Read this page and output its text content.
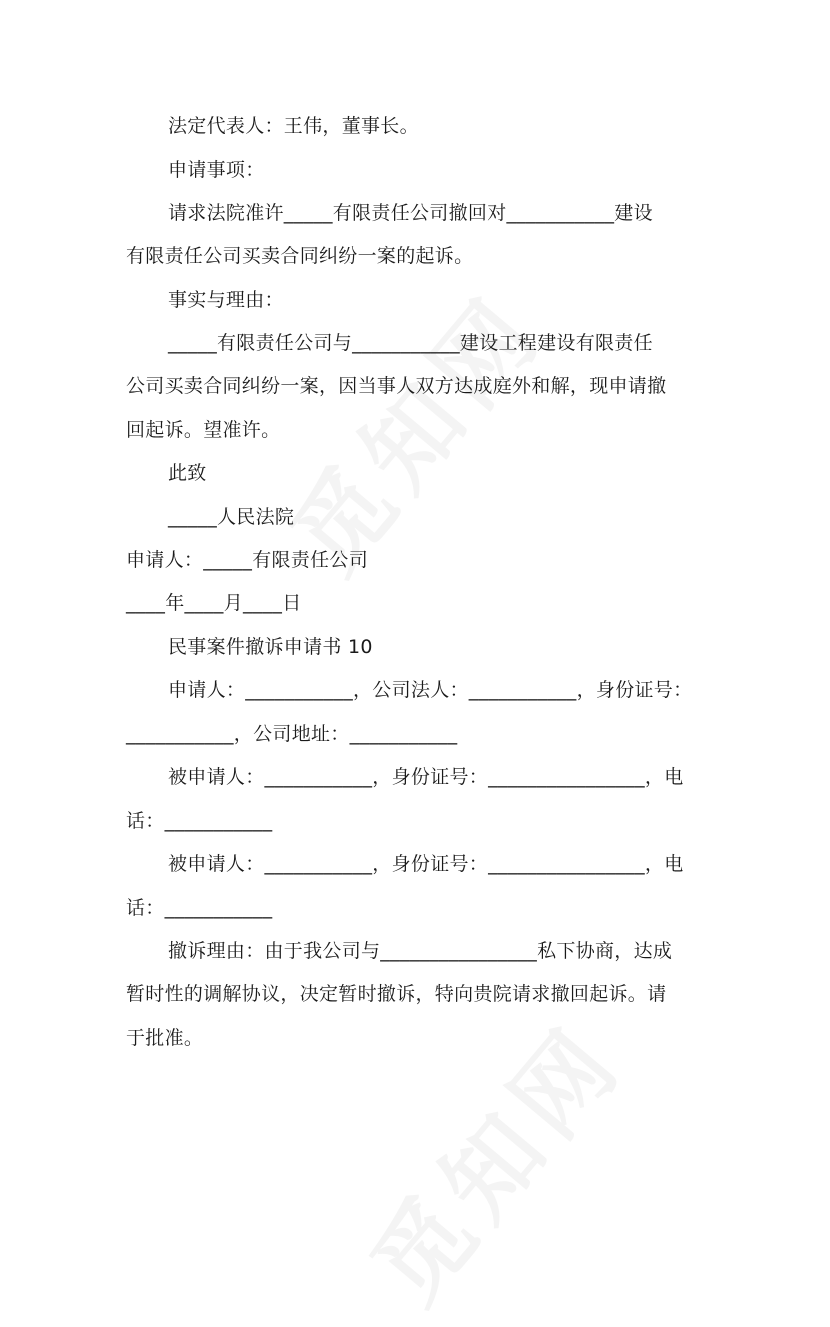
法定代表人：王伟，董事长。
申请事项：
请求法院准许_____有限责任公司撤回对___________建设
有限责任公司买卖合同纠纷一案的起诉。
事实与理由：
_____有限责任公司与___________建设工程建设有限责任
公司买卖合同纠纷一案，因当事人双方达成庭外和解，现申请撤
回起诉。望准许。
此致
_____人民法院
申请人：_____有限责任公司
____年____月____日
民事案件撤诉申请书 10
申请人：___________，公司法人：___________，身份证号：
___________，公司地址：___________
被申请人：___________，身份证号：________________，电
话：___________
被申请人：___________，身份证号：________________，电
话：___________
撤诉理由：由于我公司与________________私下协商，达成
暂时性的调解协议，决定暂时撤诉，特向贵院请求撤回起诉。请
于批准。
